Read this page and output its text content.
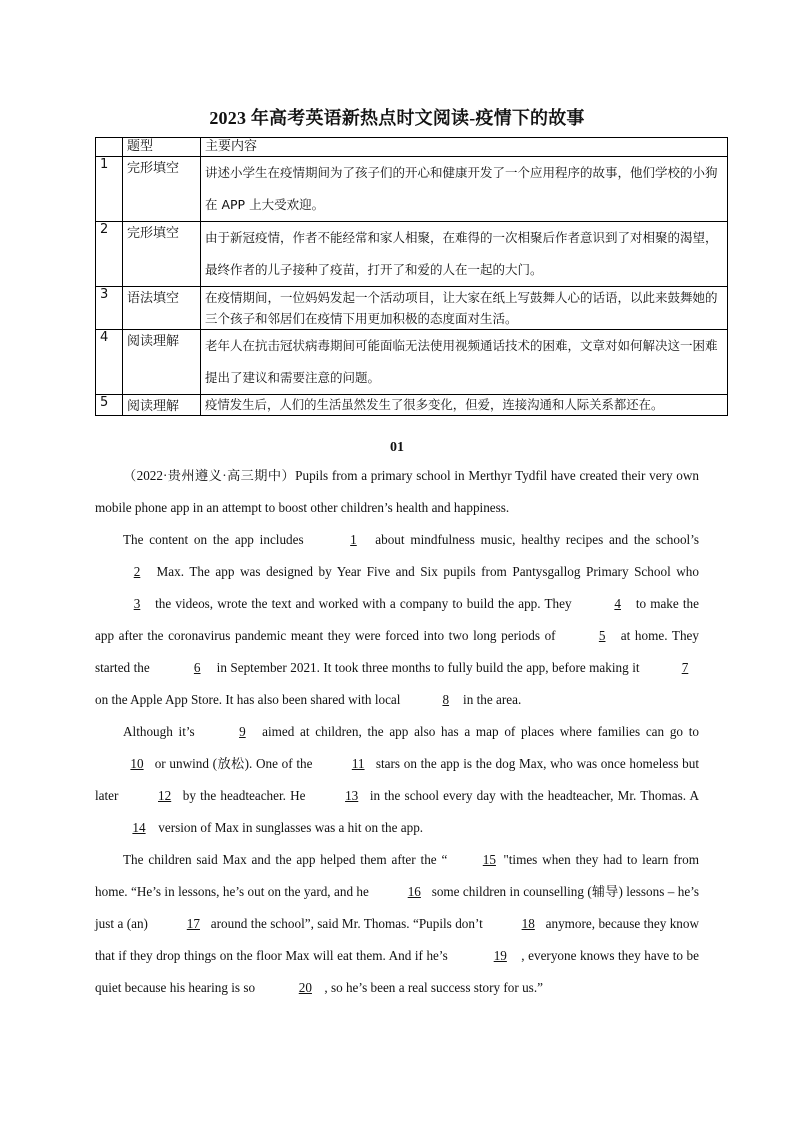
2023 年高考英语新热点时文阅读-疫情下的故事
	题型	主要内容
1	完形填空	讲述小学生在疫情期间为了孩子们的开心和健康开发了一个应用程序的故事，他们学校的小狗在 APP 上大受欢迎。
2	完形填空	由于新冠疫情，作者不能经常和家人相聚，在难得的一次相聚后作者意识到了对相聚的渴望，最终作者的儿子接种了疫苗，打开了和爱的人在一起的大门。
3	语法填空	在疫情期间，一位妈妈发起一个活动项目，让大家在纸上写鼓舞人心的话语，以此来鼓舞她的三个孩子和邻居们在疫情下用更加积极的态度面对生活。
4	阅读理解	老年人在抗击冠状病毒期间可能面临无法使用视频通话技术的困难，文章对如何解决这一困难提出了建议和需要注意的问题。
5	阅读理解	疫情发生后，人们的生活虽然发生了很多变化，但爱，连接沟通和人际关系都还在。
01

（2022·贵州遵义·高三期中）Pupils from a primary school in Merthyr Tydfil have created their very own mobile phone app in an attempt to boost other children’s health and happiness.

The content on the app includes	1 about mindfulness music, healthy recipes and the school’s 2 Max. The app was designed by Year Five and Six pupils from Pantysgallog Primary School who 3 the videos, wrote the text and worked with a company to build the app. They	4 to make the app after the coronavirus pandemic meant they were forced into two long periods of	5 at home. They started the	6 in September 2021. It took three months to fully build the app, before making it	7 on the Apple App Store. It has also been shared with local	8 in the area.

Although it’s	9 aimed at children, the app also has a map of places where families can go to 10 or unwind (放松). One of the	11 stars on the app is the dog Max, who was once homeless but later	12 by the headteacher. He	13 in the school every day with the headteacher, Mr. Thomas. A 14 version of Max in sunglasses was a hit on the app.

The children said Max and the app helped them after the “	15 "times when they had to learn from home. “He’s in lessons, he’s out on the yard, and he	16 some children in counselling (辅导) lessons – he’s just a (an)	17 around the school”, said Mr. Thomas. “Pupils don’t	18 anymore, because they know that if they drop things on the floor Max will eat them. And if he’s	19 , everyone knows they have to be quiet because his hearing is so	20 , so he’s been a real success story for us.”
